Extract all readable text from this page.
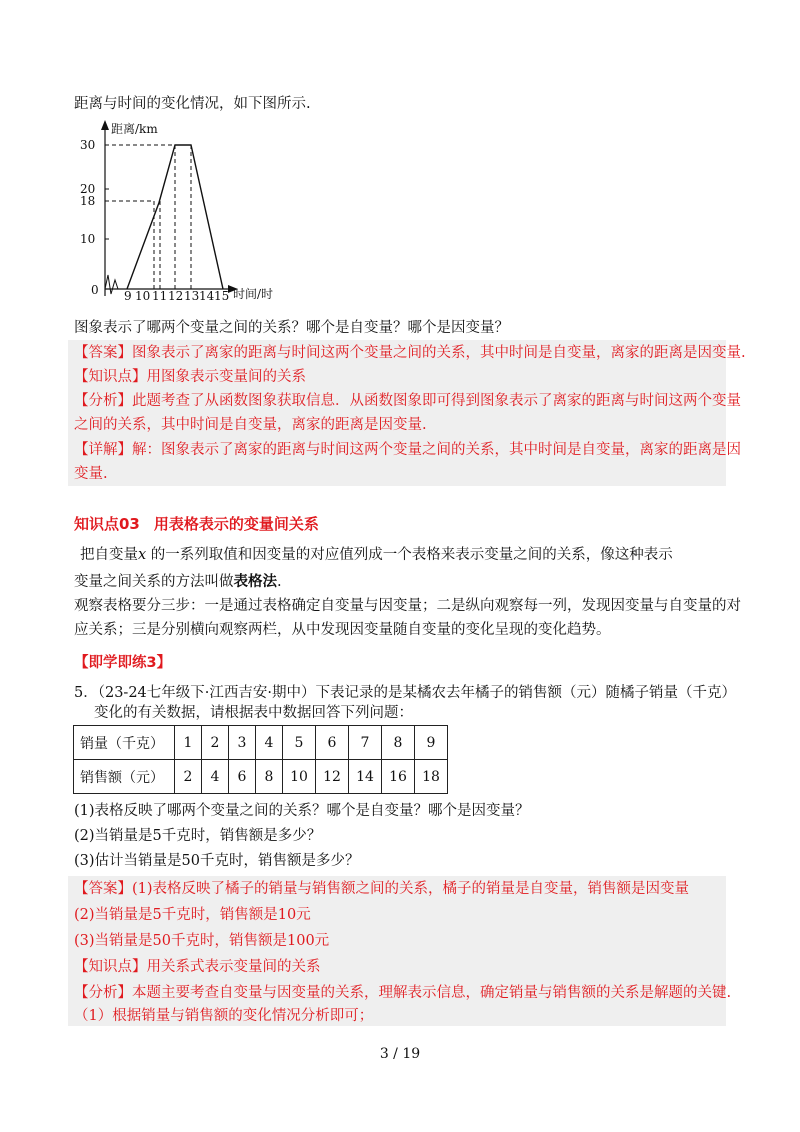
距离与时间的变化情况，如下图所示.
距离/km
时间/时
30
20
18
10
0 9 10 11 12 13 14 15
图象表示了哪两个变量之间的关系？哪个是自变量？哪个是因变量？
【答案】图象表示了离家的距离与时间这两个变量之间的关系，其中时间是自变量，离家的距离是因变量.
【知识点】用图象表示变量间的关系
【分析】此题考查了从函数图象获取信息．从函数图象即可得到图象表示了离家的距离与时间这两个变量
之间的关系，其中时间是自变量，离家的距离是因变量.
【详解】解：图象表示了离家的距离与时间这两个变量之间的关系，其中时间是自变量，离家的距离是因
变量.
知识点03 用表格表示的变量间关系
把自变量x 的一系列取值和因变量的对应值列成一个表格来表示变量之间的关系，像这种表示
变量之间关系的方法叫做表格法.
观察表格要分三步：一是通过表格确定自变量与因变量；二是纵向观察每一列，发现因变量与自变量的对
应关系；三是分别横向观察两栏，从中发现因变量随自变量的变化呈现的变化趋势。
【即学即练3】
5．（23-24七年级下·江西吉安·期中）下表记录的是某橘农去年橘子的销售额（元）随橘子销量（千克）
变化的有关数据，请根据表中数据回答下列问题：
销量（千克）	1	2	3	4	5	6	7	8	9
销售额（元）	2	4	6	8	10	12	14	16	18
(1)表格反映了哪两个变量之间的关系？哪个是自变量？哪个是因变量？
(2)当销量是5千克时，销售额是多少？
(3)估计当销量是50千克时，销售额是多少？
【答案】(1)表格反映了橘子的销量与销售额之间的关系，橘子的销量是自变量，销售额是因变量
(2)当销量是5千克时，销售额是10元
(3)当销量是50千克时，销售额是100元
【知识点】用关系式表示变量间的关系
【分析】本题主要考查自变量与因变量的关系，理解表示信息，确定销量与销售额的关系是解题的关键.
（1）根据销量与销售额的变化情况分析即可；
3 / 19
